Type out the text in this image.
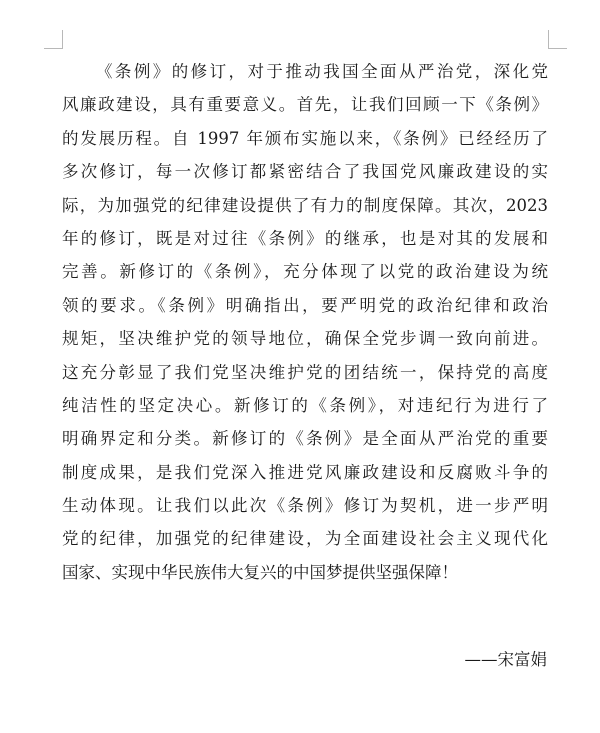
《条例》的修订，对于推动我国全面从严治党，深化党
风廉政建设，具有重要意义。首先，让我们回顾一下《条例》
的发展历程。自 1997 年颁布实施以来，《条例》已经经历了
多次修订，每一次修订都紧密结合了我国党风廉政建设的实
际，为加强党的纪律建设提供了有力的制度保障。其次，2023
年的修订，既是对过往《条例》的继承，也是对其的发展和
完善。新修订的《条例》，充分体现了以党的政治建设为统
领的要求。《条例》明确指出，要严明党的政治纪律和政治
规矩，坚决维护党的领导地位，确保全党步调一致向前进。
这充分彰显了我们党坚决维护党的团结统一，保持党的高度
纯洁性的坚定决心。新修订的《条例》，对违纪行为进行了
明确界定和分类。新修订的《条例》是全面从严治党的重要
制度成果，是我们党深入推进党风廉政建设和反腐败斗争的
生动体现。让我们以此次《条例》修订为契机，进一步严明
党的纪律，加强党的纪律建设，为全面建设社会主义现代化
国家、实现中华民族伟大复兴的中国梦提供坚强保障！
——宋富娟
